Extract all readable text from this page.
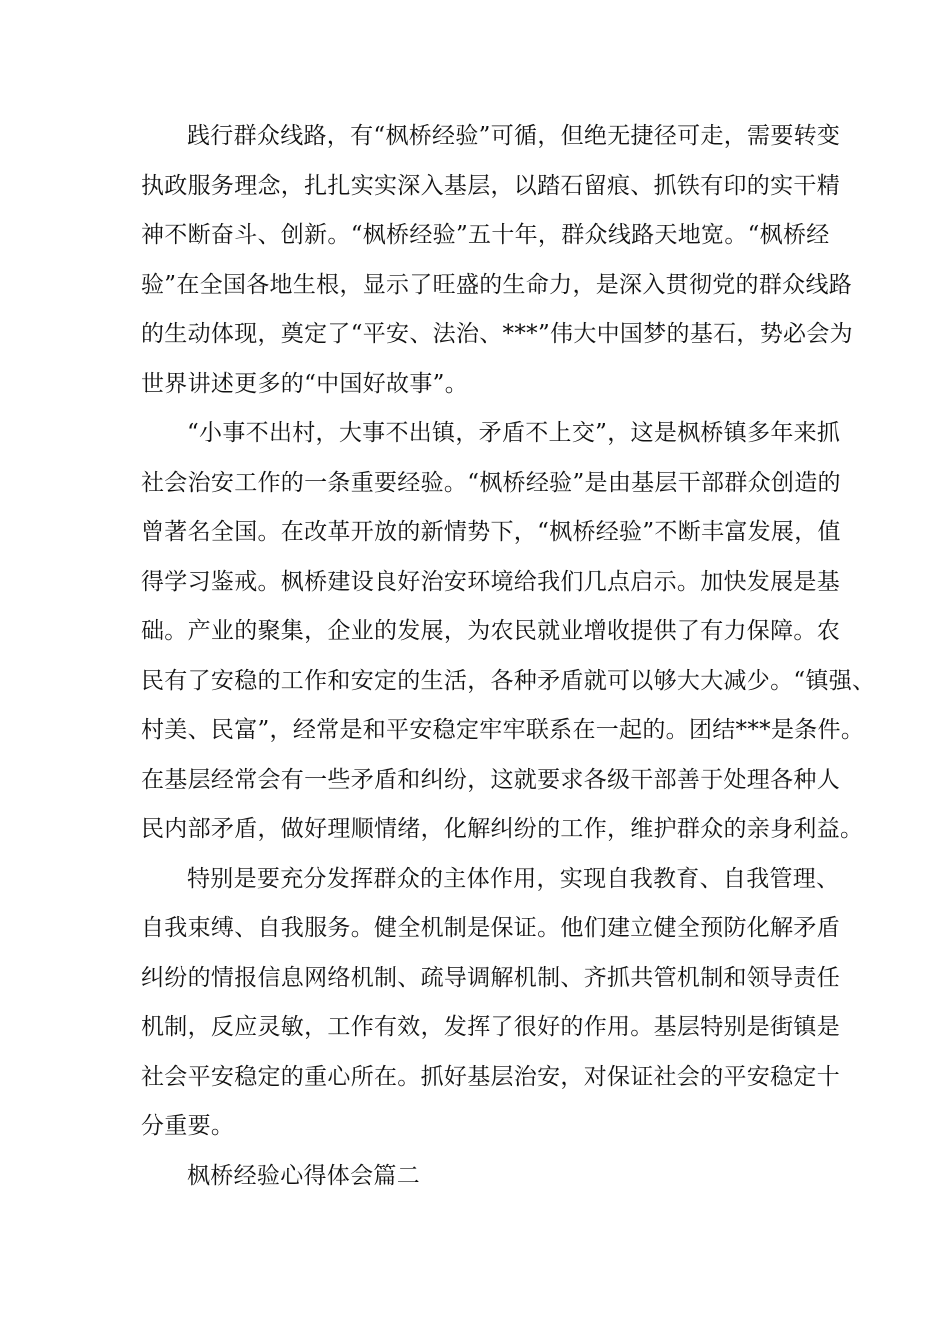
践行群众线路，有“枫桥经验”可循，但绝无捷径可走，需要转变
执政服务理念，扎扎实实深入基层，以踏石留痕、抓铁有印的实干精
神不断奋斗、创新。“枫桥经验”五十年，群众线路天地宽。“枫桥经
验”在全国各地生根，显示了旺盛的生命力，是深入贯彻党的群众线路
的生动体现，奠定了“平安、法治、***”伟大中国梦的基石，势必会为
世界讲述更多的“中国好故事”。
“小事不出村，大事不出镇，矛盾不上交”，这是枫桥镇多年来抓
社会治安工作的一条重要经验。“枫桥经验”是由基层干部群众创造的
曾著名全国。在改革开放的新情势下，“枫桥经验”不断丰富发展，值
得学习鉴戒。枫桥建设良好治安环境给我们几点启示。加快发展是基
础。产业的聚集，企业的发展，为农民就业增收提供了有力保障。农
民有了安稳的工作和安定的生活，各种矛盾就可以够大大减少。“镇强、
村美、民富”，经常是和平安稳定牢牢联系在一起的。团结***是条件。
在基层经常会有一些矛盾和纠纷，这就要求各级干部善于处理各种人
民内部矛盾，做好理顺情绪，化解纠纷的工作，维护群众的亲身利益。
特别是要充分发挥群众的主体作用，实现自我教育、自我管理、
自我束缚、自我服务。健全机制是保证。他们建立健全预防化解矛盾
纠纷的情报信息网络机制、疏导调解机制、齐抓共管机制和领导责任
机制，反应灵敏，工作有效，发挥了很好的作用。基层特别是街镇是
社会平安稳定的重心所在。抓好基层治安，对保证社会的平安稳定十
分重要。
枫桥经验心得体会篇二
